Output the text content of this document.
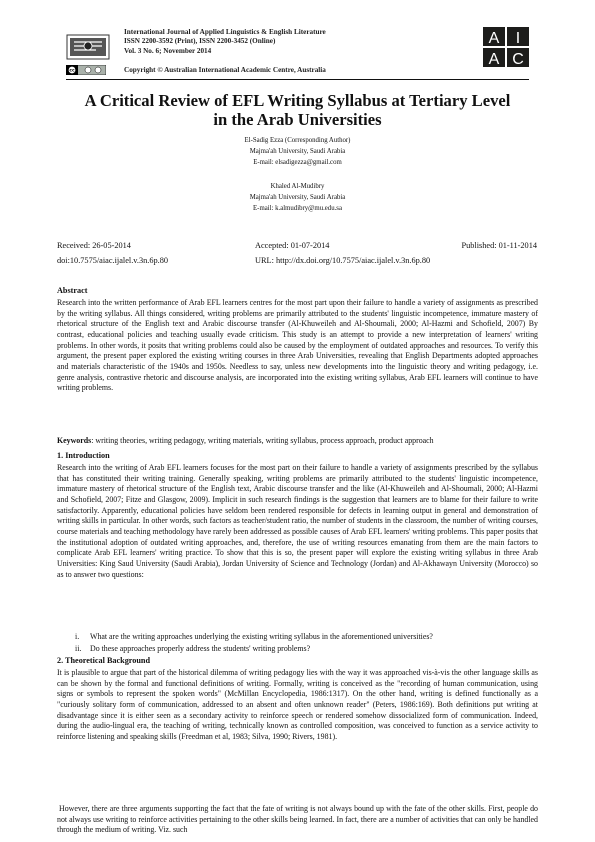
International Journal of Applied Linguistics & English Literature
ISSN 2200-3592 (Print), ISSN 2200-3452 (Online)
Vol. 3 No. 6; November 2014
cc	Copyright © Australian International Academic Centre, Australia
A I
A C
A Critical Review of EFL Writing Syllabus at Tertiary Level
in the Arab Universities
El-Sadig Ezza (Corresponding Author)
Majma'ah University, Saudi Arabia
E-mail: elsadigezza@gmail.com
Khaled Al-Mudibry
Majma'ah University, Saudi Arabia
E-mail: k.almudibry@mu.edu.sa
Received: 26-05-2014	Accepted: 01-07-2014	Published: 01-11-2014
doi:10.7575/aiac.ijalel.v.3n.6p.80	URL: http://dx.doi.org/10.7575/aiac.ijalel.v.3n.6p.80
Abstract
Research into the written performance of Arab EFL learners centres for the most part upon their failure to handle a variety of assignments as prescribed by the writing syllabus. All things considered, writing problems are primarily attributed to the students' linguistic incompetence, immature mastery of rhetorical structure of the English text and Arabic discourse transfer (Al-Khuweileh and Al-Shoumali, 2000; Al-Hazmi and Schofield, 2007) By contrast, educational policies and teaching usually evade criticism. This study is an attempt to provide a new interpretation of learners' writing problems. In other words, it posits that writing problems could also be caused by the employment of outdated approaches and resources. To verify this argument, the present paper explored the existing writing courses in three Arab Universities, revealing that English Departments adopted approaches and materials characteristic of the 1940s and 1950s. Needless to say, unless new developments into the linguistic theory and writing pedagogy, i.e. genre analysis, contrastive rhetoric and discourse analysis, are incorporated into the existing writing syllabus, Arab EFL learners will continue to have writing problems.
Keywords: writing theories, writing pedagogy, writing materials, writing syllabus, process approach, product approach
1. Introduction
Research into the writing of Arab EFL learners focuses for the most part on their failure to handle a variety of assignments prescribed by the syllabus that has constituted their writing training. Generally speaking, writing problems are primarily attributed to the students' linguistic incompetence, immature mastery of rhetorical structure of the English text, Arabic discourse transfer and the like (Al-Khuweileh and Al-Shoumali, 2000; Al-Hazmi and Schofield, 2007; Fitze and Glasgow, 2009). Implicit in such research findings is the suggestion that learners are to blame for their failure to write satisfactorily. Apparently, educational policies have seldom been rendered responsible for defects in learning output in general and demonstration of writing skills in particular. In other words, such factors as teacher/student ratio, the number of students in the classroom, the number of writing courses, course materials and teaching methodology have rarely been addressed as possible causes of Arab EFL learners' writing problems. This paper posits that the institutional adoption of outdated writing approaches, and, therefore, the use of writing resources emanating from them are the main factors to complicate Arab EFL learners' writing practice. To show that this is so, the present paper will explore the existing writing syllabus in three Arab Universities: King Saud University (Saudi Arabia), Jordan University of Science and Technology (Jordan) and Al-Akhawayn University (Morocco) so as to answer two questions:
i. What are the writing approaches underlying the existing writing syllabus in the aforementioned universities?
ii. Do these approaches properly address the students' writing problems?
2. Theoretical Background
It is plausible to argue that part of the historical dilemma of writing pedagogy lies with the way it was approached vis-à-vis the other language skills as can be shown by the formal and functional definitions of writing. Formally, writing is conceived as the "recording of human communication, using signs or symbols to represent the spoken words" (McMillan Encyclopedia, 1986:1317). On the other hand, writing is defined functionally as a "curiously solitary form of communication, addressed to an absent and often unknown reader" (Peters, 1986:169). Both definitions put writing at disadvantage since it is either seen as a secondary activity to reinforce speech or rendered somehow dissocialized form of communication. Indeed, during the audio-lingual era, the teaching of writing, technically known as controlled composition, was conceived to function as a service activity to reinforce listening and speaking skills (Freedman et al, 1983; Silva, 1990; Rivers, 1981).
However, there are three arguments supporting the fact that the fate of writing is not always bound up with the fate of the other skills. First, people do not always use writing to reinforce activities pertaining to the other skills being learned. In fact, there are a number of activities that can only be handled through the medium of writing. Viz. such
